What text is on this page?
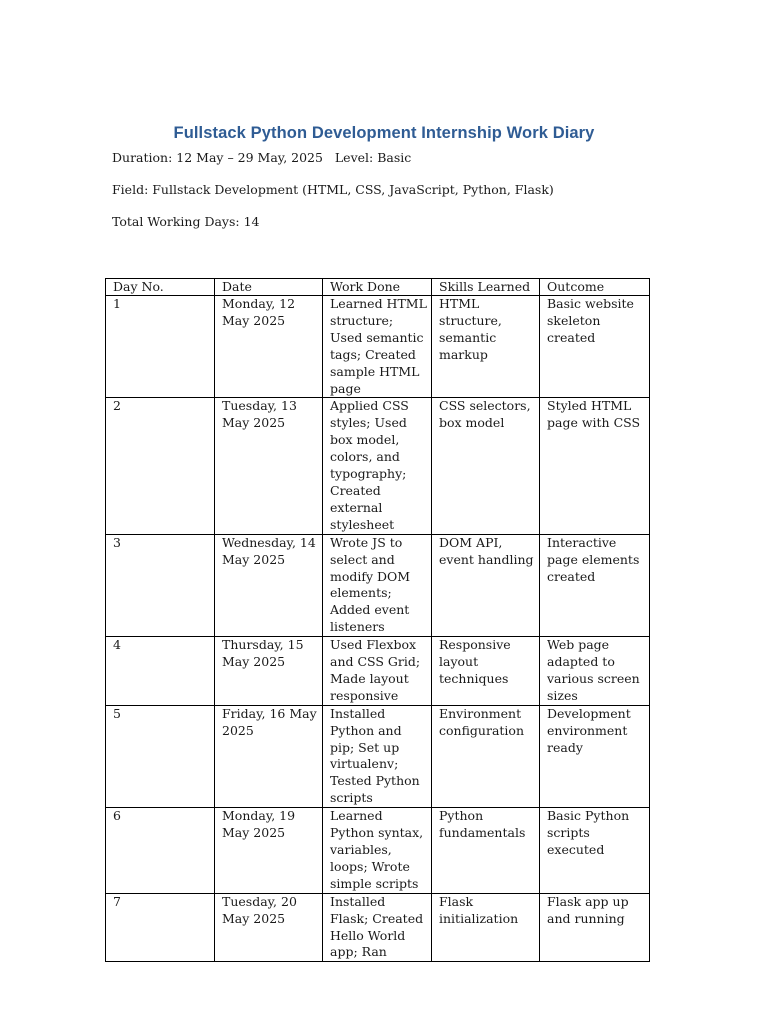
Fullstack Python Development Internship Work Diary
Duration: 12 May – 29 May, 2025   Level: Basic
Field: Fullstack Development (HTML, CSS, JavaScript, Python, Flask)
Total Working Days: 14
Day No.	Date	Work Done	Skills Learned	Outcome
1	Monday, 12 May 2025	Learned HTML structure; Used semantic tags; Created sample HTML page	HTML structure, semantic markup	Basic website skeleton created
2	Tuesday, 13 May 2025	Applied CSS styles; Used box model, colors, and typography; Created external stylesheet	CSS selectors, box model	Styled HTML page with CSS
3	Wednesday, 14 May 2025	Wrote JS to select and modify DOM elements; Added event listeners	DOM API, event handling	Interactive page elements created
4	Thursday, 15 May 2025	Used Flexbox and CSS Grid; Made layout responsive	Responsive layout techniques	Web page adapted to various screen sizes
5	Friday, 16 May 2025	Installed Python and pip; Set up virtualenv; Tested Python scripts	Environment configuration	Development environment ready
6	Monday, 19 May 2025	Learned Python syntax, variables, loops; Wrote simple scripts	Python fundamentals	Basic Python scripts executed
7	Tuesday, 20 May 2025	Installed Flask; Created Hello World app; Ran	Flask initialization	Flask app up and running
